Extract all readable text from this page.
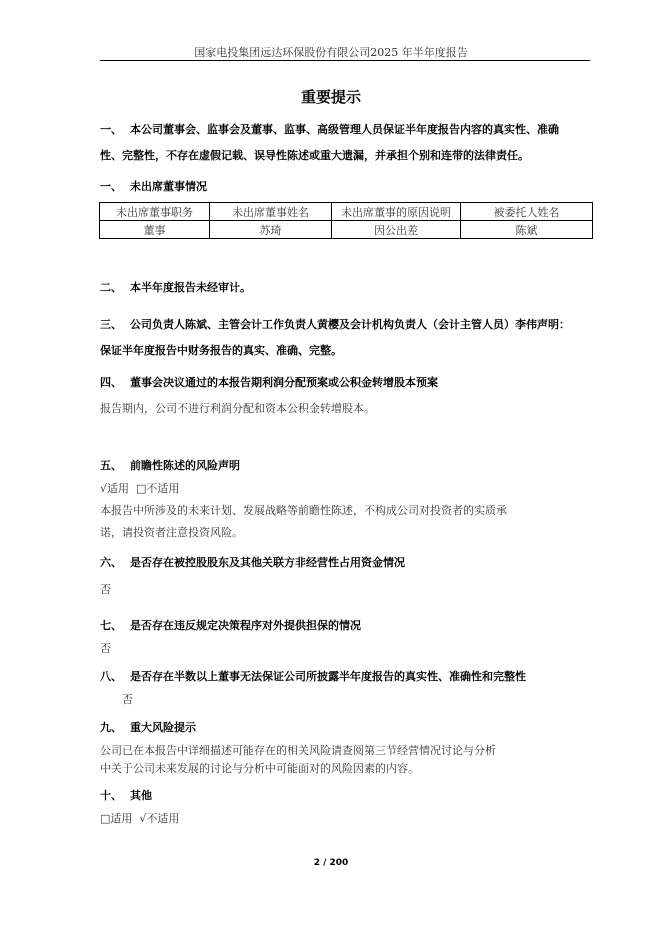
国家电投集团远达环保股份有限公司2025 年半年度报告
重要提示

一、 本公司董事会、监事会及董事、监事、高级管理人员保证半年度报告内容的真实性、准确

性、完整性，不存在虚假记载、误导性陈述或重大遗漏，并承担个别和连带的法律责任。

一、 未出席董事情况

未出席董事职务	未出席董事姓名	未出席董事的原因说明	被委托人姓名
董事	苏琦	因公出差	陈斌

二、 本半年度报告未经审计。

三、 公司负责人陈斌、主管会计工作负责人黄樱及会计机构负责人（会计主管人员）李伟声明：

保证半年度报告中财务报告的真实、准确、完整。

四、 董事会决议通过的本报告期利润分配预案或公积金转增股本预案

报告期内，公司不进行利润分配和资本公积金转增股本。

五、 前瞻性陈述的风险声明

√适用  □不适用

本报告中所涉及的未来计划、发展战略等前瞻性陈述，不构成公司对投资者的实质承

诺，请投资者注意投资风险。

六、 是否存在被控股股东及其他关联方非经营性占用资金情况

否

七、 是否存在违反规定决策程序对外提供担保的情况

否

八、 是否存在半数以上董事无法保证公司所披露半年度报告的真实性、准确性和完整性

否

九、 重大风险提示

公司已在本报告中详细描述可能存在的相关风险请查阅第三节经营情况讨论与分析

中关于公司未来发展的讨论与分析中可能面对的风险因素的内容。

十、 其他

□适用  √不适用

2 / 200
